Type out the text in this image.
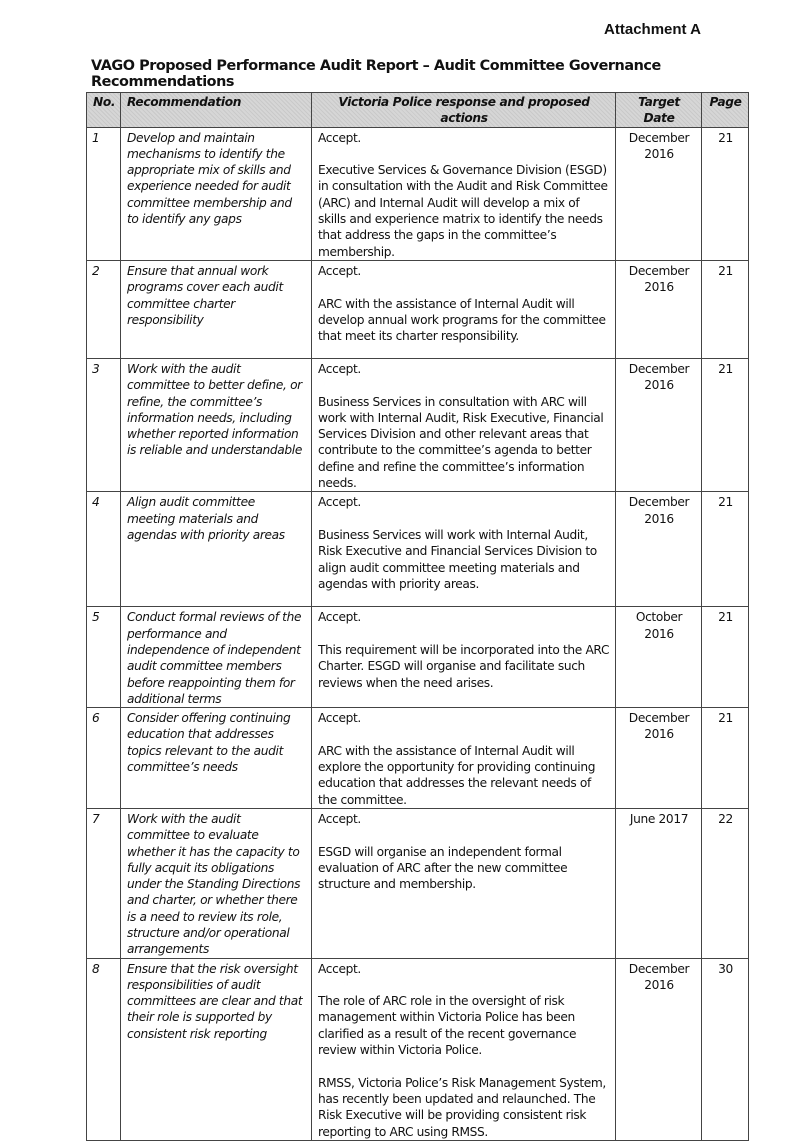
Attachment A
VAGO Proposed Performance Audit Report – Audit Committee Governance Recommendations
No.	Recommendation	Victoria Police response and proposed actions	Target Date	Page
1	Develop and maintain mechanisms to identify the appropriate mix of skills and experience needed for audit committee membership and to identify any gaps	Accept.

Executive Services & Governance Division (ESGD) in consultation with the Audit and Risk Committee (ARC) and Internal Audit will develop a mix of skills and experience matrix to identify the needs that address the gaps in the committee’s membership.	December 2016	21
2	Ensure that annual work programs cover each audit committee charter responsibility	Accept.

ARC with the assistance of Internal Audit will develop annual work programs for the committee that meet its charter responsibility.	December 2016	21
3	Work with the audit committee to better define, or refine, the committee’s information needs, including whether reported information is reliable and understandable	Accept.

Business Services in consultation with ARC will work with Internal Audit, Risk Executive, Financial Services Division and other relevant areas that contribute to the committee’s agenda to better define and refine the committee’s information needs.	December 2016	21
4	Align audit committee meeting materials and agendas with priority areas	Accept.

Business Services will work with Internal Audit, Risk Executive and Financial Services Division to align audit committee meeting materials and agendas with priority areas.	December 2016	21
5	Conduct formal reviews of the performance and independence of independent audit committee members before reappointing them for additional terms	Accept.

This requirement will be incorporated into the ARC Charter. ESGD will organise and facilitate such reviews when the need arises.	October 2016	21
6	Consider offering continuing education that addresses topics relevant to the audit committee’s needs	Accept.

ARC with the assistance of Internal Audit will explore the opportunity for providing continuing education that addresses the relevant needs of the committee.	December 2016	21
7	Work with the audit committee to evaluate whether it has the capacity to fully acquit its obligations under the Standing Directions and charter, or whether there is a need to review its role, structure and/or operational arrangements	Accept.

ESGD will organise an independent formal evaluation of ARC after the new committee structure and membership.	June 2017	22
8	Ensure that the risk oversight responsibilities of audit committees are clear and that their role is supported by consistent risk reporting	Accept.

The role of ARC role in the oversight of risk management within Victoria Police has been clarified as a result of the recent governance review within Victoria Police.

RMSS, Victoria Police’s Risk Management System, has recently been updated and relaunched. The Risk Executive will be providing consistent risk reporting to ARC using RMSS.	December 2016	30
